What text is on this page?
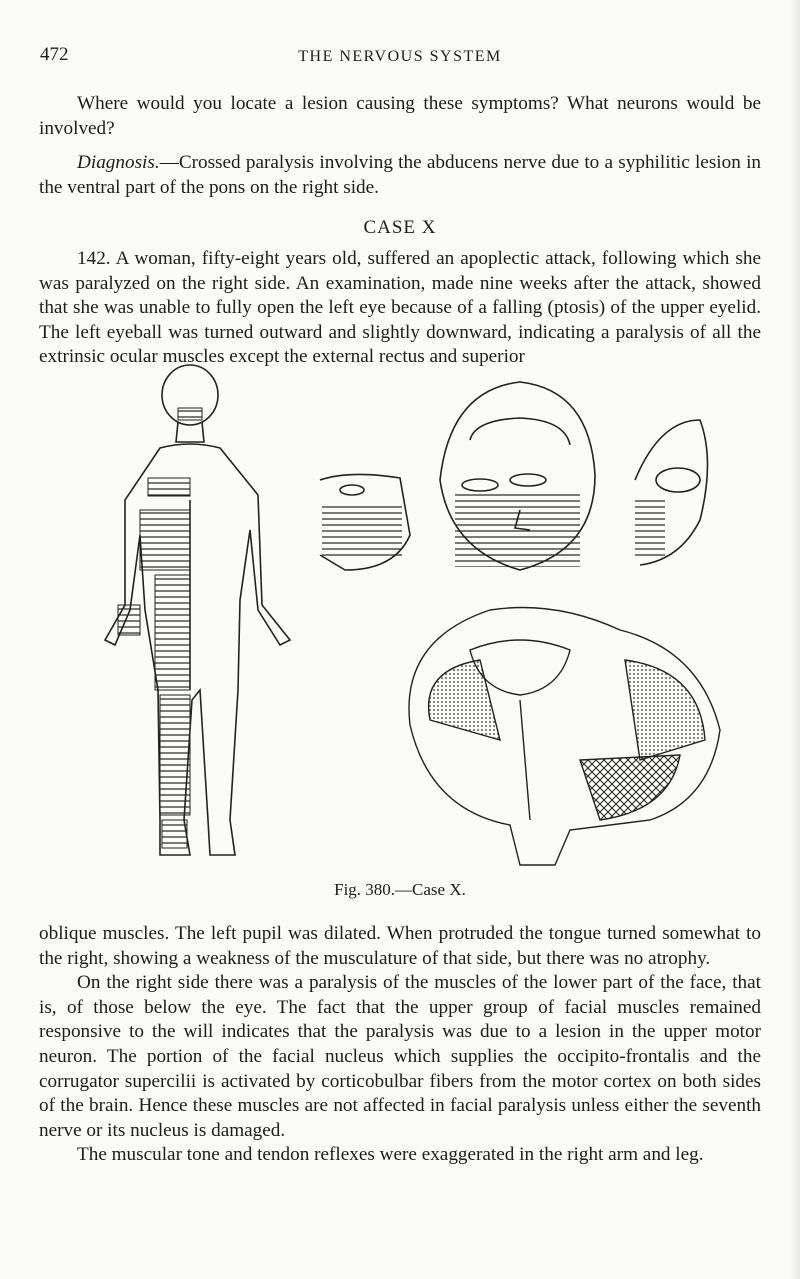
472	THE NERVOUS SYSTEM

Where would you locate a lesion causing these symptoms? What neurons would be involved?

Diagnosis.—Crossed paralysis involving the abducens nerve due to a syphilitic lesion in the ventral part of the pons on the right side.

CASE X

142. A woman, fifty-eight years old, suffered an apoplectic attack, following which she was paralyzed on the right side. An examination, made nine weeks after the attack, showed that she was unable to fully open the left eye because of a falling (ptosis) of the upper eyelid. The left eyeball was turned outward and slightly downward, indicating a paralysis of all the extrinsic ocular muscles except the external rectus and superior

Fig. 380.—Case X.

oblique muscles. The left pupil was dilated. When protruded the tongue turned somewhat to the right, showing a weakness of the musculature of that side, but there was no atrophy.

On the right side there was a paralysis of the muscles of the lower part of the face, that is, of those below the eye. The fact that the upper group of facial muscles remained responsive to the will indicates that the paralysis was due to a lesion in the upper motor neuron. The portion of the facial nucleus which supplies the occipito-frontalis and the corrugator supercilii is activated by corticobulbar fibers from the motor cortex on both sides of the brain. Hence these muscles are not affected in facial paralysis unless either the seventh nerve or its nucleus is damaged.

The muscular tone and tendon reflexes were exaggerated in the right arm and leg.
